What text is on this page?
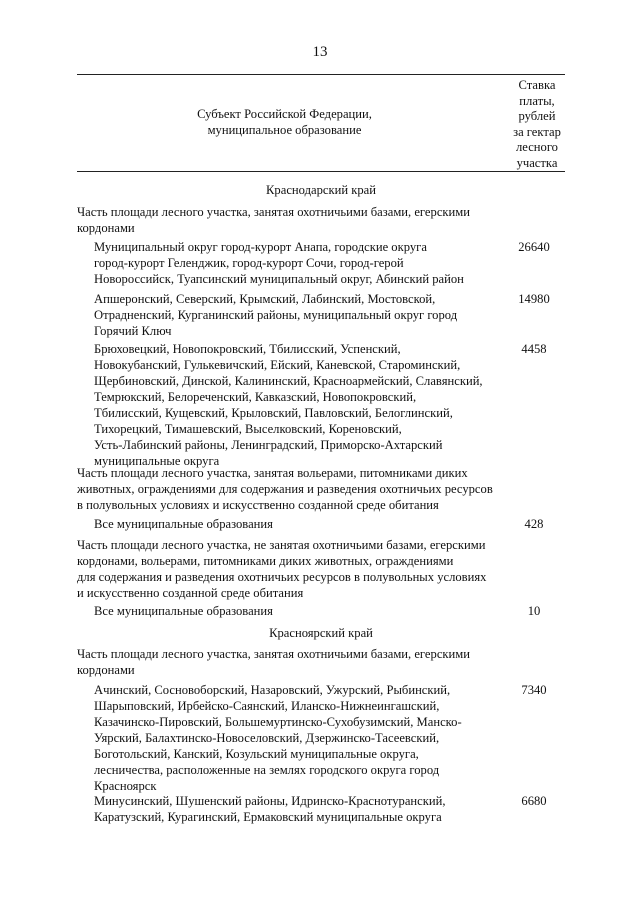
13
Субъект Российской Федерации,
муниципальное образование
Ставка
платы,
рублей
за гектар
лесного
участка
Краснодарский край
Часть площади лесного участка, занятая охотничьими базами, егерскими
кордонами
Муниципальный округ город-курорт Анапа, городские округа
город-курорт Геленджик, город-курорт Сочи, город-герой
Новороссийск, Туапсинский муниципальный округ, Абинский район
26640
Апшеронский, Северский, Крымский, Лабинский, Мостовской,
Отрадненский, Курганинский районы, муниципальный округ город
Горячий Ключ
14980
Брюховецкий, Новопокровский, Тбилисский, Успенский,
Новокубанский, Гулькевичский, Ейский, Каневской, Староминский,
Щербиновский, Динской, Калининский, Красноармейский, Славянский,
Темрюкский, Белореченский, Кавказский, Новопокровский,
Тбилисский, Кущевский, Крыловский, Павловский, Белоглинский,
Тихорецкий, Тимашевский, Выселковский, Кореновский,
Усть-Лабинский районы, Ленинградский, Приморско-Ахтарский
муниципальные округа
4458
Часть площади лесного участка, занятая вольерами, питомниками диких
животных, ограждениями для содержания и разведения охотничьих ресурсов
в полувольных условиях и искусственно созданной среде обитания
Все муниципальные образования	428
Часть площади лесного участка, не занятая охотничьими базами, егерскими
кордонами, вольерами, питомниками диких животных, ограждениями
для содержания и разведения охотничьих ресурсов в полувольных условиях
и искусственно созданной среде обитания
Все муниципальные образования	10
Красноярский край
Часть площади лесного участка, занятая охотничьими базами, егерскими
кордонами
Ачинский, Сосновоборский, Назаровский, Ужурский, Рыбинский,
Шарыповский, Ирбейско-Саянский, Иланско-Нижнеингашский,
Казачинско-Пировский, Большемуртинско-Сухобузимский, Манско-
Уярский, Балахтинско-Новоселовский, Дзержинско-Тасеевский,
Боготольский, Канский, Козульский муниципальные округа,
лесничества, расположенные на землях городского округа город
Красноярск
7340
Минусинский, Шушенский районы, Идринско-Краснотуранский,
Каратузский, Курагинский, Ермаковский муниципальные округа
6680
